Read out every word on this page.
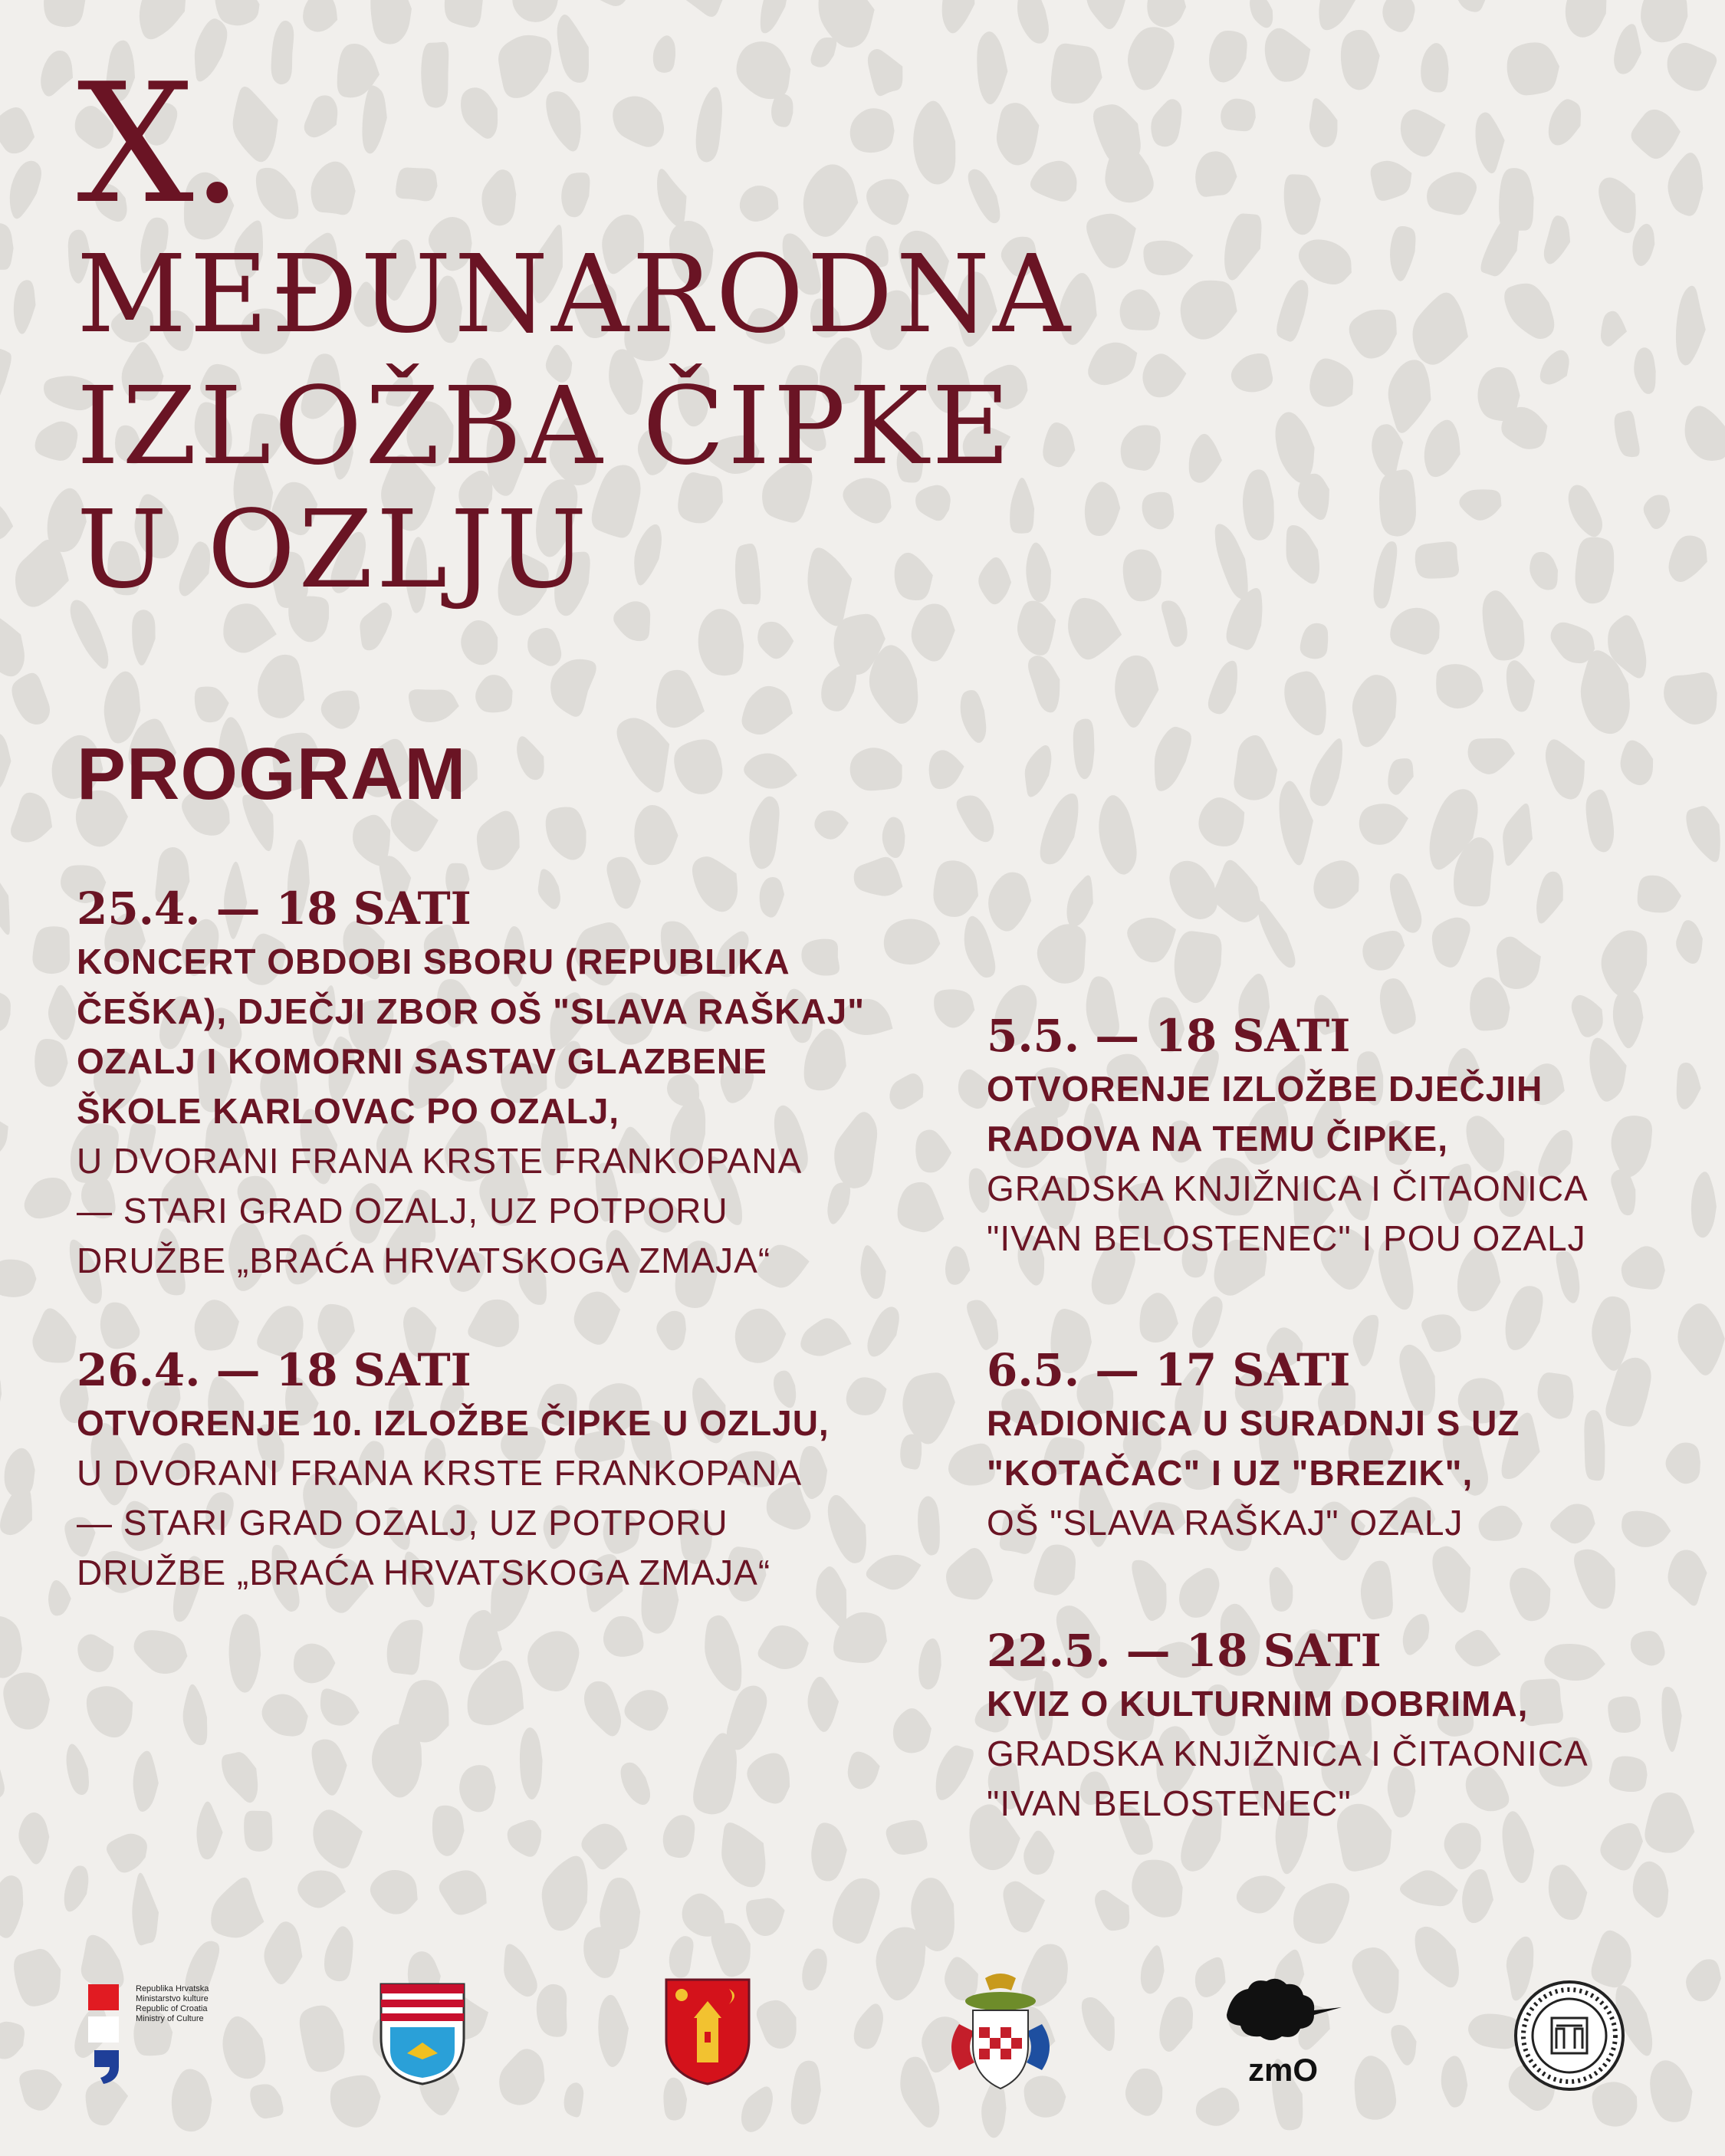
X.
MEĐUNARODNA
IZLOŽBA ČIPKE
U OZLJU
PROGRAM
25.4. — 18 SATI
KONCERT OBDOBI SBORU (REPUBLIKA
ČEŠKA), DJEČJI ZBOR OŠ "SLAVA RAŠKAJ"
OZALJ I KOMORNI SASTAV GLAZBENE
ŠKOLE KARLOVAC PO OZALJ,
U DVORANI FRANA KRSTE FRANKOPANA
— STARI GRAD OZALJ, UZ POTPORU
DRUŽBE „BRAĆA HRVATSKOGA ZMAJA“
26.4. — 18 SATI
OTVORENJE 10. IZLOŽBE ČIPKE U OZLJU,
U DVORANI FRANA KRSTE FRANKOPANA
— STARI GRAD OZALJ, UZ POTPORU
DRUŽBE „BRAĆA HRVATSKOGA ZMAJA“
5.5. — 18 SATI
OTVORENJE IZLOŽBE DJEČJIH
RADOVA NA TEMU ČIPKE,
GRADSKA KNJIŽNICA I ČITAONICA
"IVAN BELOSTENEC" I POU OZALJ
6.5. — 17 SATI
RADIONICA U SURADNJI S UZ
"KOTAČAC" I UZ "BREZIK",
OŠ "SLAVA RAŠKAJ" OZALJ
22.5. — 18 SATI
KVIZ O KULTURNIM DOBRIMA,
GRADSKA KNJIŽNICA I ČITAONICA
"IVAN BELOSTENEC"
Republika Hrvatska Ministarstvo kulture Republic of Croatia Ministry of Culture
zmO
